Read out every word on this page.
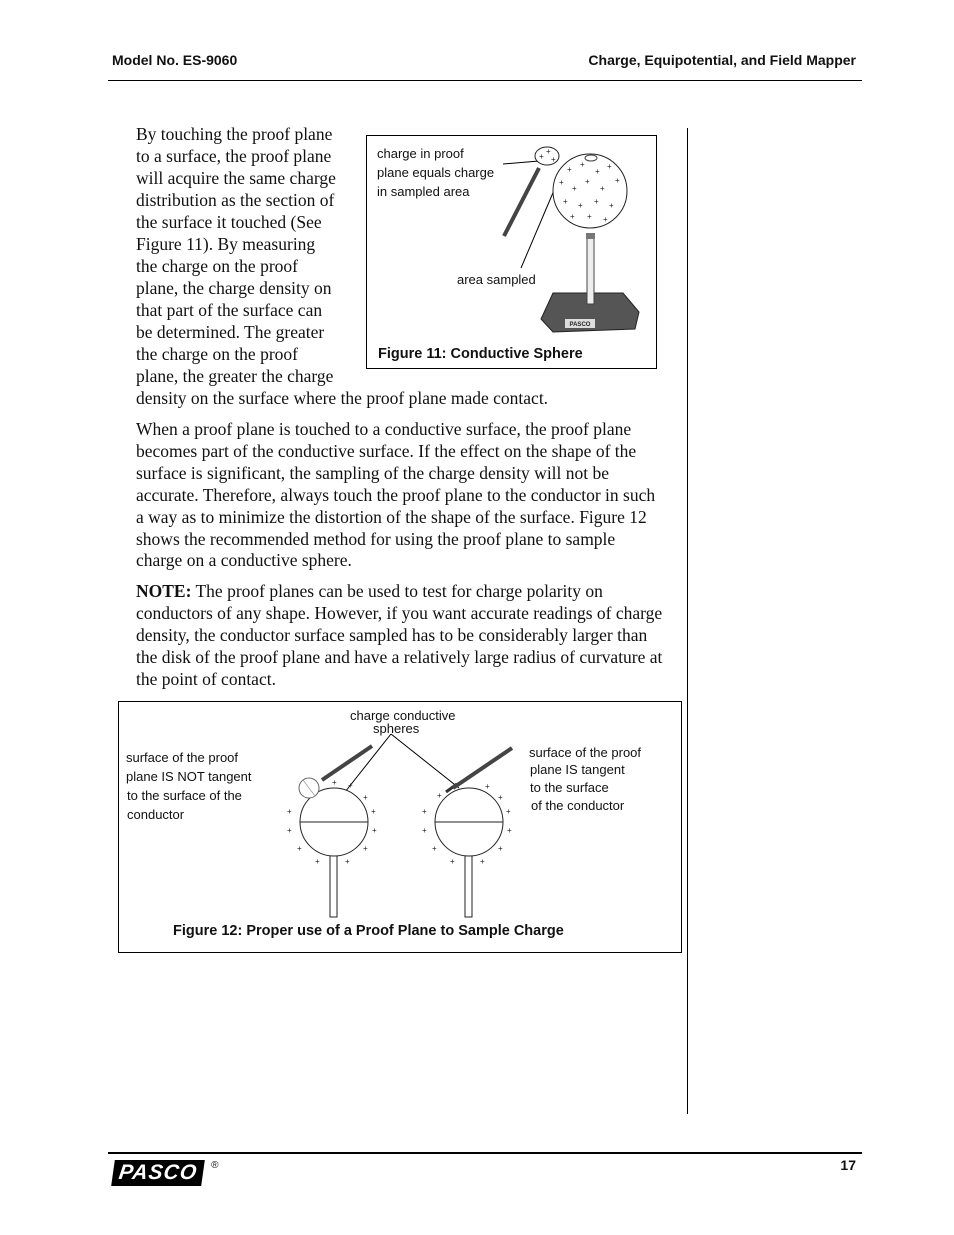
Model No. ES-9060	Charge, Equipotential, and Field Mapper
By touching the proof plane
to a surface, the proof plane
will acquire the same charge
distribution as the section of
the surface it touched (See
Figure 11). By measuring
the charge on the proof
plane, the charge density on
that part of the surface can
be determined. The greater
the charge on the proof
plane, the greater the charge
density on the surface where the proof plane made contact.
charge in proof
plane equals charge
in sampled area
area sampled
PASCO
+
+
+
+
+
+
+
+
+
+
+
+
+ + + +
+ +
+
Figure 11: Conductive Sphere
When a proof plane is touched to a conductive surface, the proof plane becomes part of the conductive surface. If the effect on the shape of the surface is significant, the sampling of the charge density will not be accurate. Therefore, always touch the proof plane to the conductor in such a way as to minimize the distortion of the shape of the surface. Figure 12 shows the recommended method for using the proof plane to sample charge on a conductive sphere.
NOTE: The proof planes can be used to test for charge polarity on conductors of any shape. However, if you want accurate readings of charge density, the conductor surface sampled has to be considerably larger than the disk of the proof plane and have a relatively large radius of curvature at the point of contact.
charge conductive
spheres
surface of the proof
plane IS NOT tangent
to the surface of the
conductor
surface of the proof
plane IS tangent
to the surface
of the conductor
+ +
+
+	+
+	+
+	+
+	+
+
+
+
+	+
+	+
+	+
+	+
Figure 12: Proper use of a Proof Plane to Sample Charge
PASCO ®	17
